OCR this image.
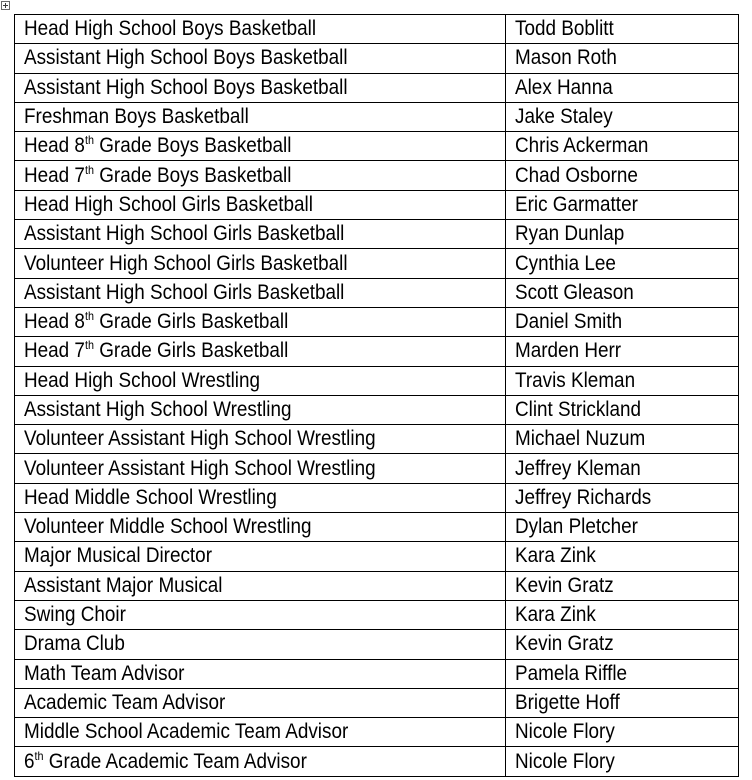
Head High School Boys Basketball	Todd Boblitt
Assistant High School Boys Basketball	Mason Roth
Assistant High School Boys Basketball	Alex Hanna
Freshman Boys Basketball	Jake Staley
Head 8th Grade Boys Basketball	Chris Ackerman
Head 7th Grade Boys Basketball	Chad Osborne
Head High School Girls Basketball	Eric Garmatter
Assistant High School Girls Basketball	Ryan Dunlap
Volunteer High School Girls Basketball	Cynthia Lee
Assistant High School Girls Basketball	Scott Gleason
Head 8th Grade Girls Basketball	Daniel Smith
Head 7th Grade Girls Basketball	Marden Herr
Head High School Wrestling	Travis Kleman
Assistant High School Wrestling	Clint Strickland
Volunteer Assistant High School Wrestling	Michael Nuzum
Volunteer Assistant High School Wrestling	Jeffrey Kleman
Head Middle School Wrestling	Jeffrey Richards
Volunteer Middle School Wrestling	Dylan Pletcher
Major Musical Director	Kara Zink
Assistant Major Musical	Kevin Gratz
Swing Choir	Kara Zink
Drama Club	Kevin Gratz
Math Team Advisor	Pamela Riffle
Academic Team Advisor	Brigette Hoff
Middle School Academic Team Advisor	Nicole Flory
6th Grade Academic Team Advisor	Nicole Flory
